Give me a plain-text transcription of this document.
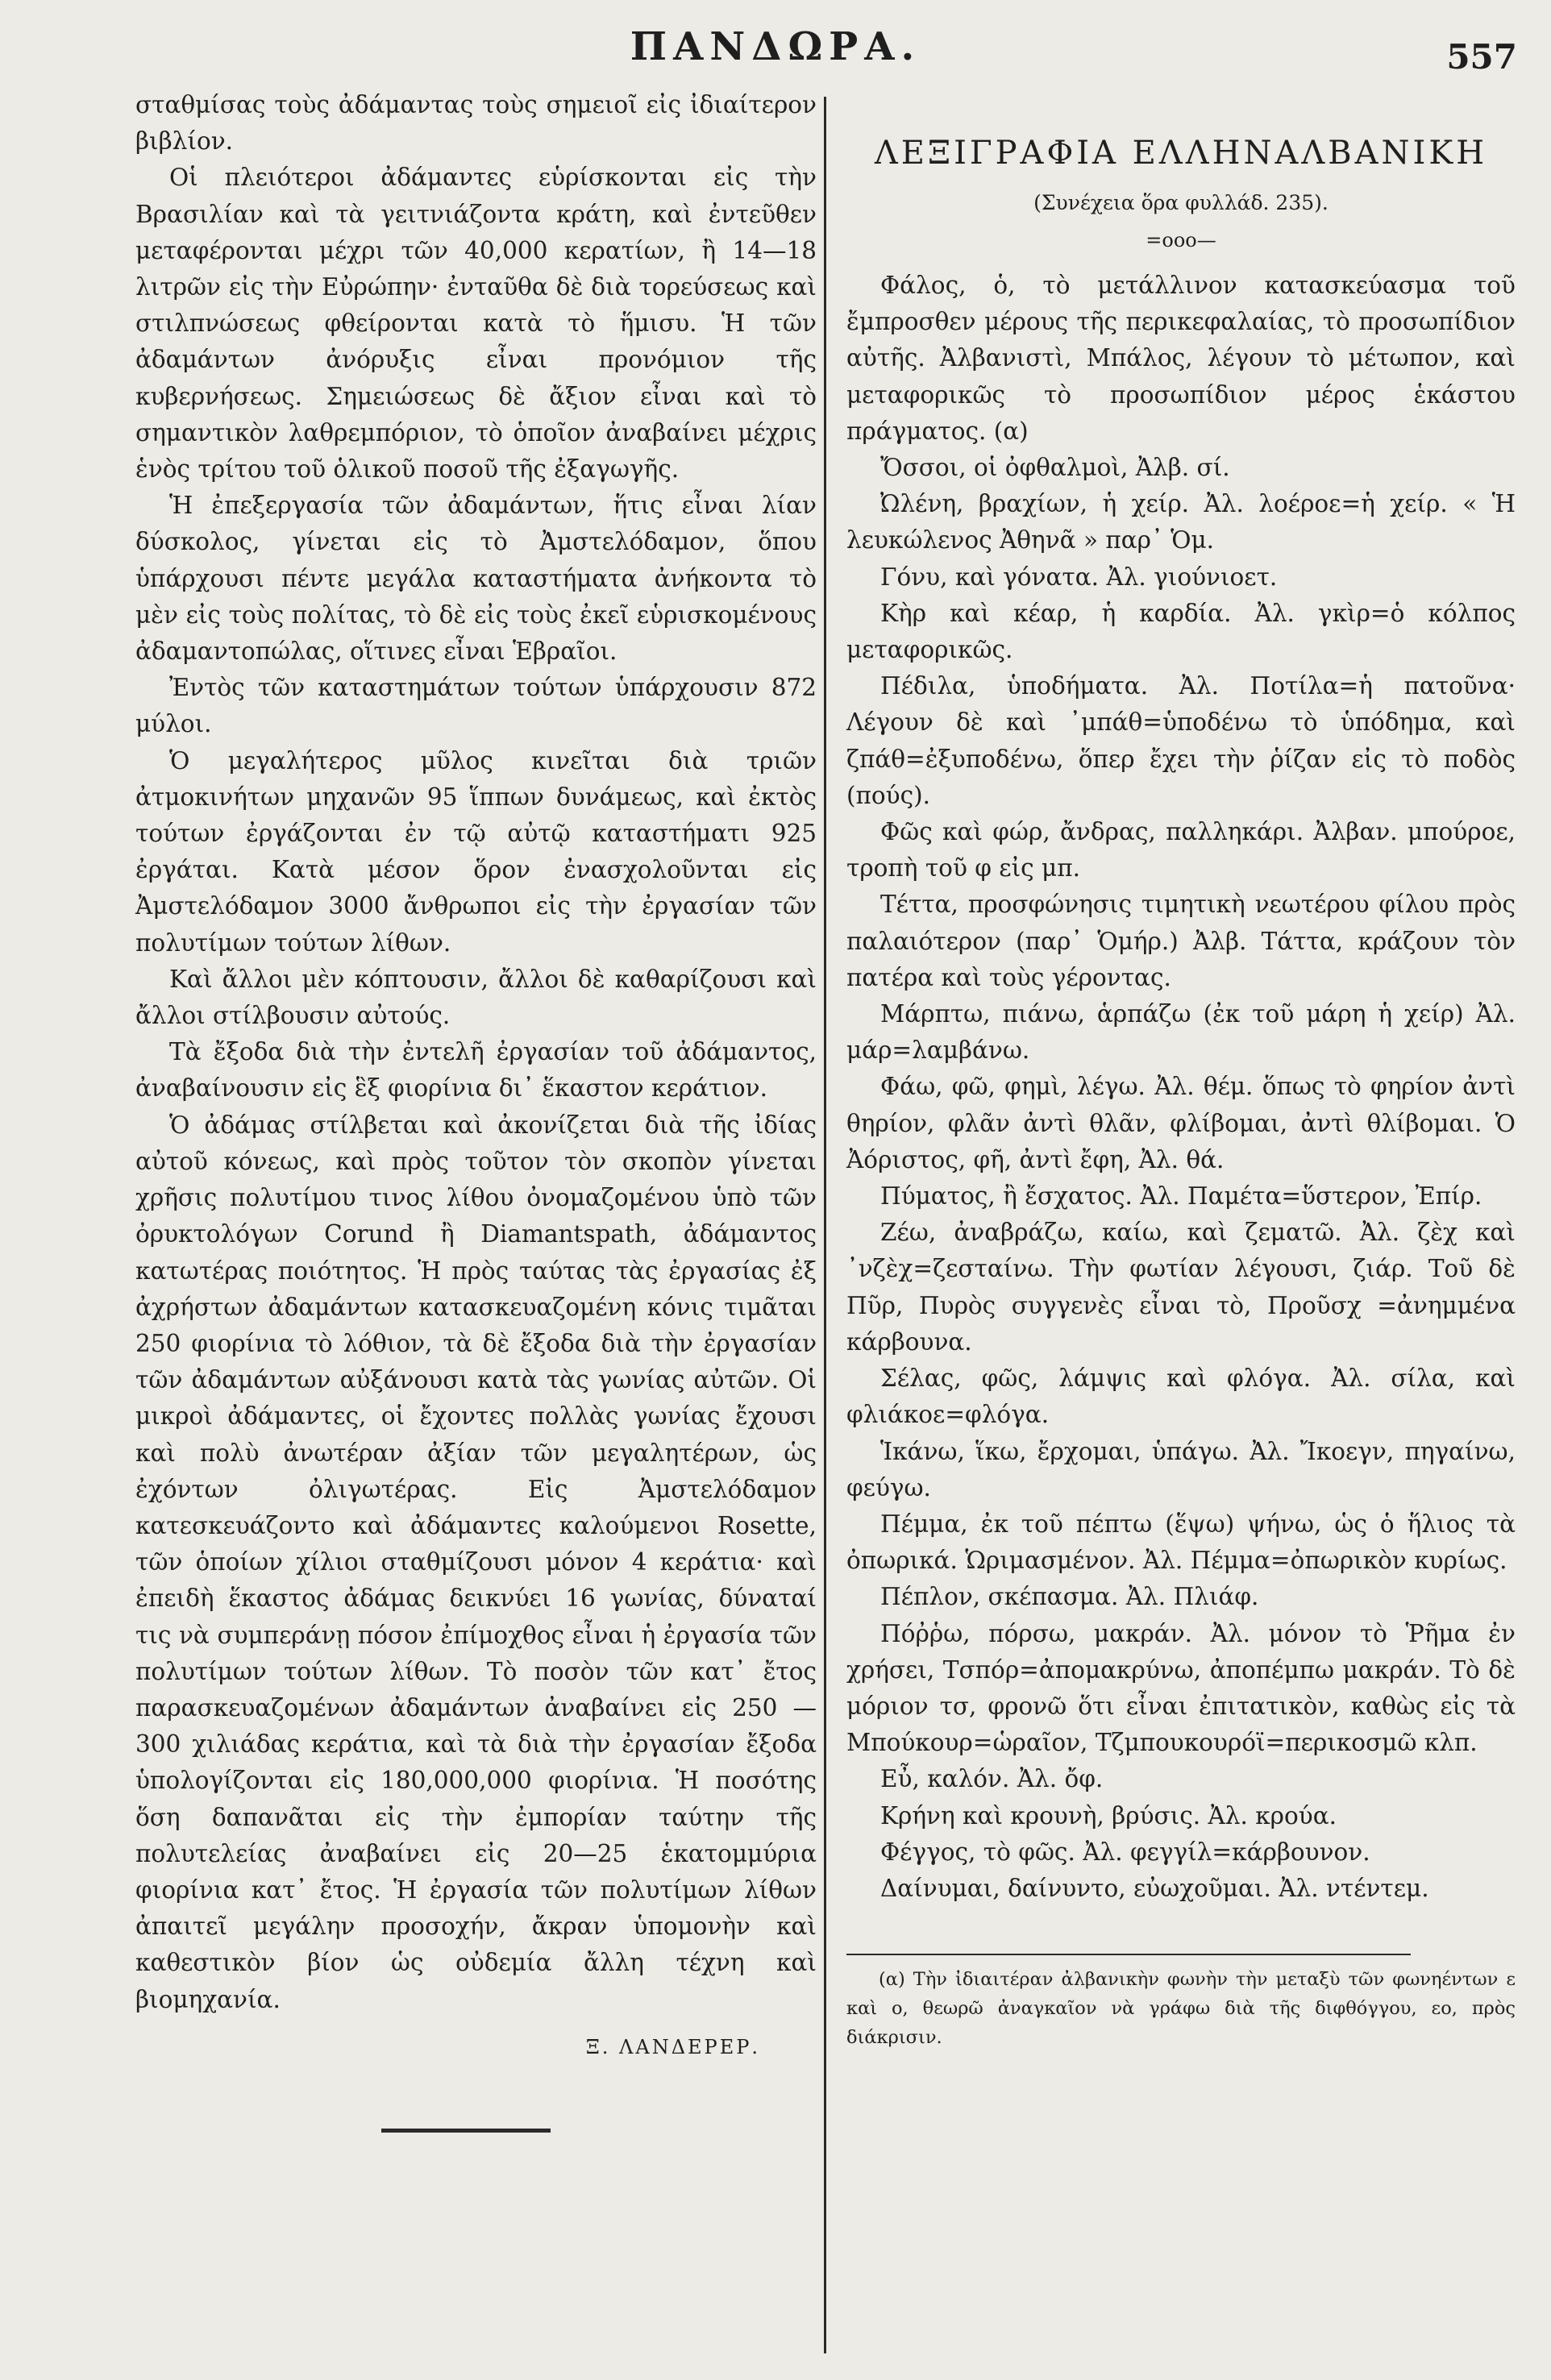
ΠΑΝΔΩΡΑ.	557

σταθμίσας τοὺς ἀδάμαντας τοὺς σημειοῖ εἰς ἰδιαίτερον βιβλίον.

Οἱ πλειότεροι ἀδάμαντες εὑρίσκονται εἰς τὴν Βρασιλίαν καὶ τὰ γειτνιάζοντα κράτη, καὶ ἐντεῦθεν μεταφέρονται μέχρι τῶν 40,000 κερατίων, ἢ 14—18 λιτρῶν εἰς τὴν Εὐρώπην· ἐνταῦθα δὲ διὰ τορεύσεως καὶ στιλπνώσεως φθείρονται κατὰ τὸ ἥμισυ. Ἡ τῶν ἀδαμάντων ἀνόρυξις εἶναι προνόμιον τῆς κυβερνήσεως. Σημειώσεως δὲ ἄξιον εἶναι καὶ τὸ σημαντικὸν λαθρεμπόριον, τὸ ὁποῖον ἀναβαίνει μέχρις ἑνὸς τρίτου τοῦ ὁλικοῦ ποσοῦ τῆς ἐξαγωγῆς.

Ἡ ἐπεξεργασία τῶν ἀδαμάντων, ἥτις εἶναι λίαν δύσκολος, γίνεται εἰς τὸ Ἀμστελόδαμον, ὅπου ὑπάρχουσι πέντε μεγάλα καταστήματα ἀνήκοντα τὸ μὲν εἰς τοὺς πολίτας, τὸ δὲ εἰς τοὺς ἐκεῖ εὑρισκομένους ἀδαμαντοπώλας, οἵτινες εἶναι Ἑβραῖοι.

Ἐντὸς τῶν καταστημάτων τούτων ὑπάρχουσιν 872 μύλοι.

Ὁ μεγαλήτερος μῦλος κινεῖται διὰ τριῶν ἀτμοκινήτων μηχανῶν 95 ἵππων δυνάμεως, καὶ ἐκτὸς τούτων ἐργάζονται ἐν τῷ αὐτῷ καταστήματι 925 ἐργάται. Κατὰ μέσον ὅρον ἐνασχολοῦνται εἰς Ἀμστελόδαμον 3000 ἄνθρωποι εἰς τὴν ἐργασίαν τῶν πολυτίμων τούτων λίθων.

Καὶ ἄλλοι μὲν κόπτουσιν, ἄλλοι δὲ καθαρίζουσι καὶ ἄλλοι στίλβουσιν αὐτούς.

Τὰ ἔξοδα διὰ τὴν ἐντελῆ ἐργασίαν τοῦ ἀδάμαντος, ἀναβαίνουσιν εἰς ἓξ φιορίνια δι᾽ ἕκαστον κεράτιον.

Ὁ ἀδάμας στίλβεται καὶ ἀκονίζεται διὰ τῆς ἰδίας αὐτοῦ κόνεως, καὶ πρὸς τοῦτον τὸν σκοπὸν γίνεται χρῆσις πολυτίμου τινος λίθου ὀνομαζομένου ὑπὸ τῶν ὀρυκτολόγων Corund ἢ Diamantspath, ἀδάμαντος κατωτέρας ποιότητος. Ἡ πρὸς ταύτας τὰς ἐργασίας ἐξ ἀχρήστων ἀδαμάντων κατασκευαζομένη κόνις τιμᾶται 250 φιορίνια τὸ λόθιον, τὰ δὲ ἔξοδα διὰ τὴν ἐργασίαν τῶν ἀδαμάντων αὐξάνουσι κατὰ τὰς γωνίας αὐτῶν. Οἱ μικροὶ ἀδάμαντες, οἱ ἔχοντες πολλὰς γωνίας ἔχουσι καὶ πολὺ ἀνωτέραν ἀξίαν τῶν μεγαλητέρων, ὡς ἐχόντων ὀλιγωτέρας. Εἰς Ἀμστελόδαμον κατεσκευάζοντο καὶ ἀδάμαντες καλούμενοι Rosette, τῶν ὁποίων χίλιοι σταθμίζουσι μόνον 4 κεράτια· καὶ ἐπειδὴ ἕκαστος ἀδάμας δεικνύει 16 γωνίας, δύναταί τις νὰ συμπεράνῃ πόσον ἐπίμοχθος εἶναι ἡ ἐργασία τῶν πολυτίμων τούτων λίθων. Τὸ ποσὸν τῶν κατ᾽ ἔτος παρασκευαζομένων ἀδαμάντων ἀναβαίνει εἰς 250 — 300 χιλιάδας κεράτια, καὶ τὰ διὰ τὴν ἐργασίαν ἔξοδα ὑπολογίζονται εἰς 180,000,000 φιορίνια. Ἡ ποσότης ὅση δαπανᾶται εἰς τὴν ἐμπορίαν ταύτην τῆς πολυτελείας ἀναβαίνει εἰς 20—25 ἑκατομμύρια φιορίνια κατ᾽ ἔτος. Ἡ ἐργασία τῶν πολυτίμων λίθων ἀπαιτεῖ μεγάλην προσοχήν, ἄκραν ὑπομονὴν καὶ καθεστικὸν βίον ὡς οὐδεμία ἄλλη τέχνη καὶ βιομηχανία.

Ξ. ΛΑΝΔΕΡΕΡ.
ΛΕΞΙΓΡΑΦΙΑ ΕΛΛΗΝΑΛΒΑΝΙΚΗ
(Συνέχεια ὅρα φυλλάδ. 235).
=οοο—

Φάλος, ὁ, τὸ μετάλλινον κατασκεύασμα τοῦ ἔμπροσθεν μέρους τῆς περικεφαλαίας, τὸ προσωπίδιον αὐτῆς. Ἀλβανιστὶ, Μπάλος, λέγουν τὸ μέτωπον, καὶ μεταφορικῶς τὸ προσωπίδιον μέρος ἑκάστου πράγματος. (α)

Ὄσσοι, οἱ ὀφθαλμοὶ, Ἀλβ. σί.

Ὠλένη, βραχίων, ἡ χείρ. Ἀλ. λοέροε=ἡ χείρ. « Ἡ λευκώλενος Ἀθηνᾶ » παρ᾽ Ὁμ.

Γόνυ, καὶ γόνατα. Ἀλ. γιούνιοετ.

Κὴρ καὶ κέαρ, ἡ καρδία. Ἀλ. γκὶρ=ὁ κόλπος μεταφορικῶς.

Πέδιλα, ὑποδήματα. Ἀλ. Ποτίλα=ἡ πατοῦνα· Λέγουν δὲ καὶ ᾽μπάθ=ὑποδένω τὸ ὑπόδημα, καὶ ζπάθ=ἐξυποδένω, ὅπερ ἔχει τὴν ῥίζαν εἰς τὸ ποδὸς (πούς).

Φῶς καὶ φώρ, ἄνδρας, παλληκάρι. Ἀλβαν. μπούροε, τροπὴ τοῦ φ εἰς μπ.

Τέττα, προσφώνησις τιμητικὴ νεωτέρου φίλου πρὸς παλαιότερον (παρ᾽ Ὁμήρ.) Ἀλβ. Τάττα, κράζουν τὸν πατέρα καὶ τοὺς γέροντας.

Μάρπτω, πιάνω, ἁρπάζω (ἐκ τοῦ μάρη ἡ χείρ) Ἀλ. μάρ=λαμβάνω.

Φάω, φῶ, φημὶ, λέγω. Ἀλ. θέμ. ὅπως τὸ φηρίον ἀντὶ θηρίον, φλᾶν ἀντὶ θλᾶν, φλίβομαι, ἀντὶ θλίβομαι. Ὁ Ἀόριστος, φῆ, ἀντὶ ἔφη, Ἀλ. θά.

Πύματος, ἢ ἔσχατος. Ἀλ. Παμέτα=ὕστερον, Ἐπίρ.

Ζέω, ἀναβράζω, καίω, καὶ ζεματῶ. Ἀλ. ζὲχ καὶ ᾽νζὲχ=ζεσταίνω. Τὴν φωτίαν λέγουσι, ζιάρ. Τοῦ δὲ Πῦρ, Πυρὸς συγγενὲς εἶναι τὸ, Προῦσχ =ἀνημμένα κάρβουνα.

Σέλας, φῶς, λάμψις καὶ φλόγα. Ἀλ. σίλα, καὶ φλιάκοε=φλόγα.

Ἱκάνω, ἵκω, ἔρχομαι, ὑπάγω. Ἀλ. Ἴκοεγν, πηγαίνω, φεύγω.

Πέμμα, ἐκ τοῦ πέπτω (ἕψω) ψήνω, ὡς ὁ ἥλιος τὰ ὀπωρικά. Ὡριμασμένον. Ἀλ. Πέμμα=ὀπωρικὸν κυρίως.

Πέπλον, σκέπασμα. Ἀλ. Πλιάφ.

Πόῤῥω, πόρσω, μακράν. Ἀλ. μόνον τὸ Ῥῆμα ἐν χρήσει, Τσπόρ=ἀπομακρύνω, ἀποπέμπω μακράν. Τὸ δὲ μόριον τσ, φρονῶ ὅτι εἶναι ἐπιτατικὸν, καθὼς εἰς τὰ Μπούκουρ=ὡραῖον, Τζμπουκουρόϊ=περικοσμῶ κλπ.

Εὖ, καλόν. Ἀλ. ὄφ.

Κρήνη καὶ κρουνὴ, βρύσις. Ἀλ. κρούα.

Φέγγος, τὸ φῶς. Ἀλ. φεγγίλ=κάρβουνον.

Δαίνυμαι, δαίνυντο, εὐωχοῦμαι. Ἀλ. ντέντεμ.

(α) Τὴν ἰδιαιτέραν ἀλβανικὴν φωνὴν τὴν μεταξὺ τῶν φωνηέντων ε καὶ ο, θεωρῶ ἀναγκαῖον νὰ γράφω διὰ τῆς διφθόγγου, εο, πρὸς διάκρισιν.
